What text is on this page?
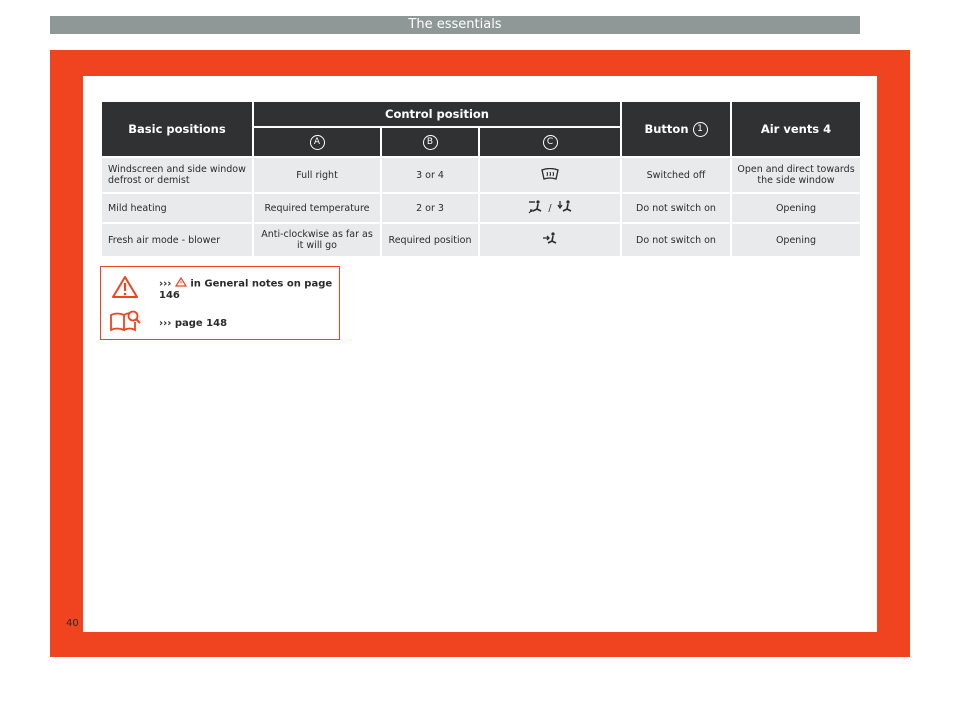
The essentials
Basic positions	Control position			Button 1	Air vents 4
	A	B	C		
Windscreen and side window defrost or demist	Full right	3 or 4		Switched off	Open and direct towards the side window
Mild heating	Required temperature	2 or 3	/	Do not switch on	Opening
Fresh air mode - blower	Anti-clockwise as far as it will go	Required position		Do not switch on	Opening
››› in General notes on page 146
››› page 148
40
